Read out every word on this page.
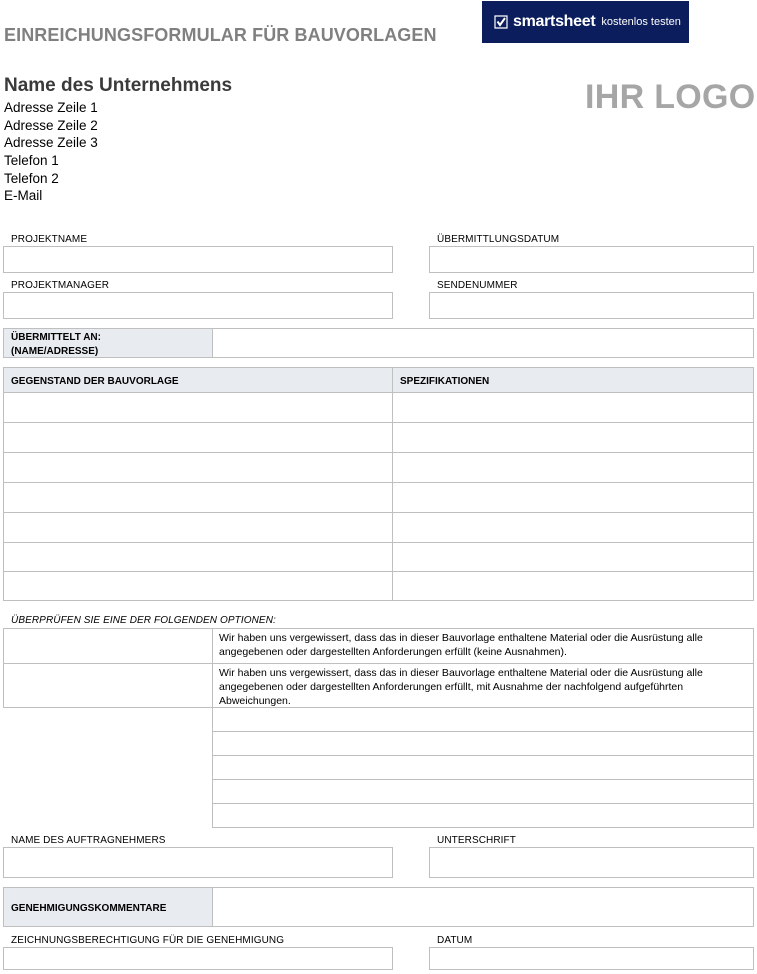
EINREICHUNGSFORMULAR FÜR BAUVORLAGEN
smartsheet kostenlos testen
Name des Unternehmens
Adresse Zeile 1
Adresse Zeile 2
Adresse Zeile 3
Telefon 1
Telefon 2
E-Mail
IHR LOGO
PROJEKTNAME	ÜBERMITTLUNGSDATUM
PROJEKTMANAGER	SENDENUMMER
ÜBERMITTELT AN:
(NAME/ADRESSE)
GEGENSTAND DER BAUVORLAGE	SPEZIFIKATIONEN
ÜBERPRÜFEN SIE EINE DER FOLGENDEN OPTIONEN:
Wir haben uns vergewissert, dass das in dieser Bauvorlage enthaltene Material oder die Ausrüstung alle angegebenen oder dargestellten Anforderungen erfüllt (keine Ausnahmen).
Wir haben uns vergewissert, dass das in dieser Bauvorlage enthaltene Material oder die Ausrüstung alle angegebenen oder dargestellten Anforderungen erfüllt, mit Ausnahme der nachfolgend aufgeführten Abweichungen.
NAME DES AUFTRAGNEHMERS	UNTERSCHRIFT
GENEHMIGUNGSKOMMENTARE
ZEICHNUNGSBERECHTIGUNG FÜR DIE GENEHMIGUNG	DATUM
